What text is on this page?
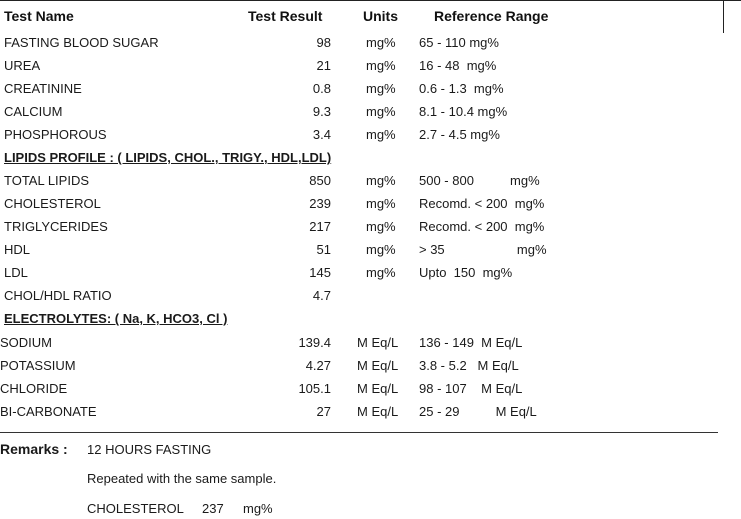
Test Name	Test Result	Units	Reference Range
FASTING BLOOD SUGAR	98	mg% 65 - 110 mg%
UREA	21	mg% 16 - 48  mg%
CREATININE	0.8	mg% 0.6 - 1.3  mg%
CALCIUM	9.3	mg% 8.1 - 10.4 mg%
PHOSPHOROUS	3.4	mg% 2.7 - 4.5 mg%
LIPIDS PROFILE : ( LIPIDS, CHOL., TRIGY., HDL,LDL)
TOTAL LIPIDS	850	mg% 500 - 800          mg%
CHOLESTEROL	239	mg% Recomd. < 200  mg%
TRIGLYCERIDES	217	mg% Recomd. < 200  mg%
HDL	51	mg% > 35                    mg%
LDL	145	mg% Upto  150  mg%
CHOL/HDL RATIO	4.7
ELECTROLYTES: ( Na, K, HCO3, Cl )
SODIUM	139.4 M Eq/L 136 - 149  M Eq/L
POTASSIUM	4.27 M Eq/L 3.8 - 5.2   M Eq/L
CHLORIDE	105.1 M Eq/L 98 - 107    M Eq/L
BI-CARBONATE	27 M Eq/L 25 - 29          M Eq/L
Remarks : 12 HOURS FASTING
Repeated with the same sample.
CHOLESTEROL 237 mg%
